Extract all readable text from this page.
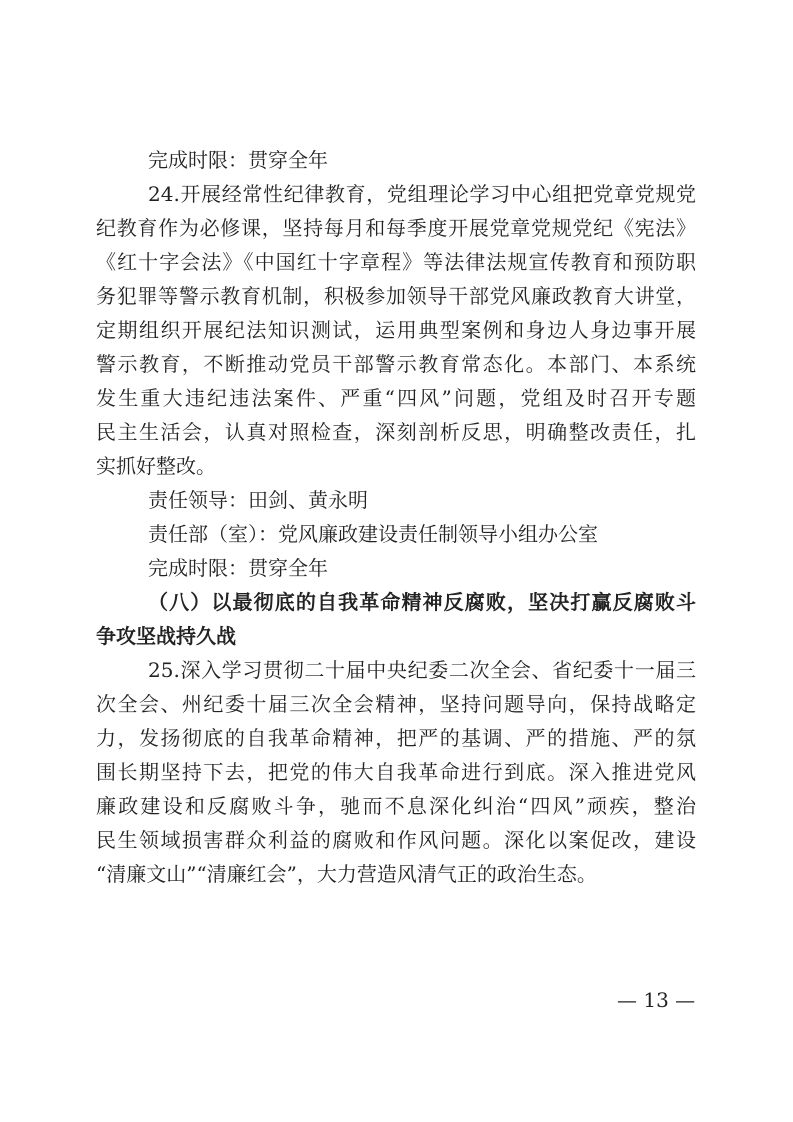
完成时限：贯穿全年
24.开展经常性纪律教育，党组理论学习中心组把党章党规党
纪教育作为必修课，坚持每月和每季度开展党章党规党纪《宪法》
《红十字会法》《中国红十字章程》等法律法规宣传教育和预防职
务犯罪等警示教育机制，积极参加领导干部党风廉政教育大讲堂，
定期组织开展纪法知识测试，运用典型案例和身边人身边事开展
警示教育，不断推动党员干部警示教育常态化。本部门、本系统
发生重大违纪违法案件、严重“四风”问题，党组及时召开专题
民主生活会，认真对照检查，深刻剖析反思，明确整改责任，扎
实抓好整改。
责任领导：田剑、黄永明
责任部（室）：党风廉政建设责任制领导小组办公室
完成时限：贯穿全年
（八）以最彻底的自我革命精神反腐败，坚决打赢反腐败斗
争攻坚战持久战
25.深入学习贯彻二十届中央纪委二次全会、省纪委十一届三
次全会、州纪委十届三次全会精神，坚持问题导向，保持战略定
力，发扬彻底的自我革命精神，把严的基调、严的措施、严的氛
围长期坚持下去，把党的伟大自我革命进行到底。深入推进党风
廉政建设和反腐败斗争，驰而不息深化纠治“四风”顽疾，整治
民生领域损害群众利益的腐败和作风问题。深化以案促改，建设
“清廉文山”“清廉红会”，大力营造风清气正的政治生态。
— 13 —
